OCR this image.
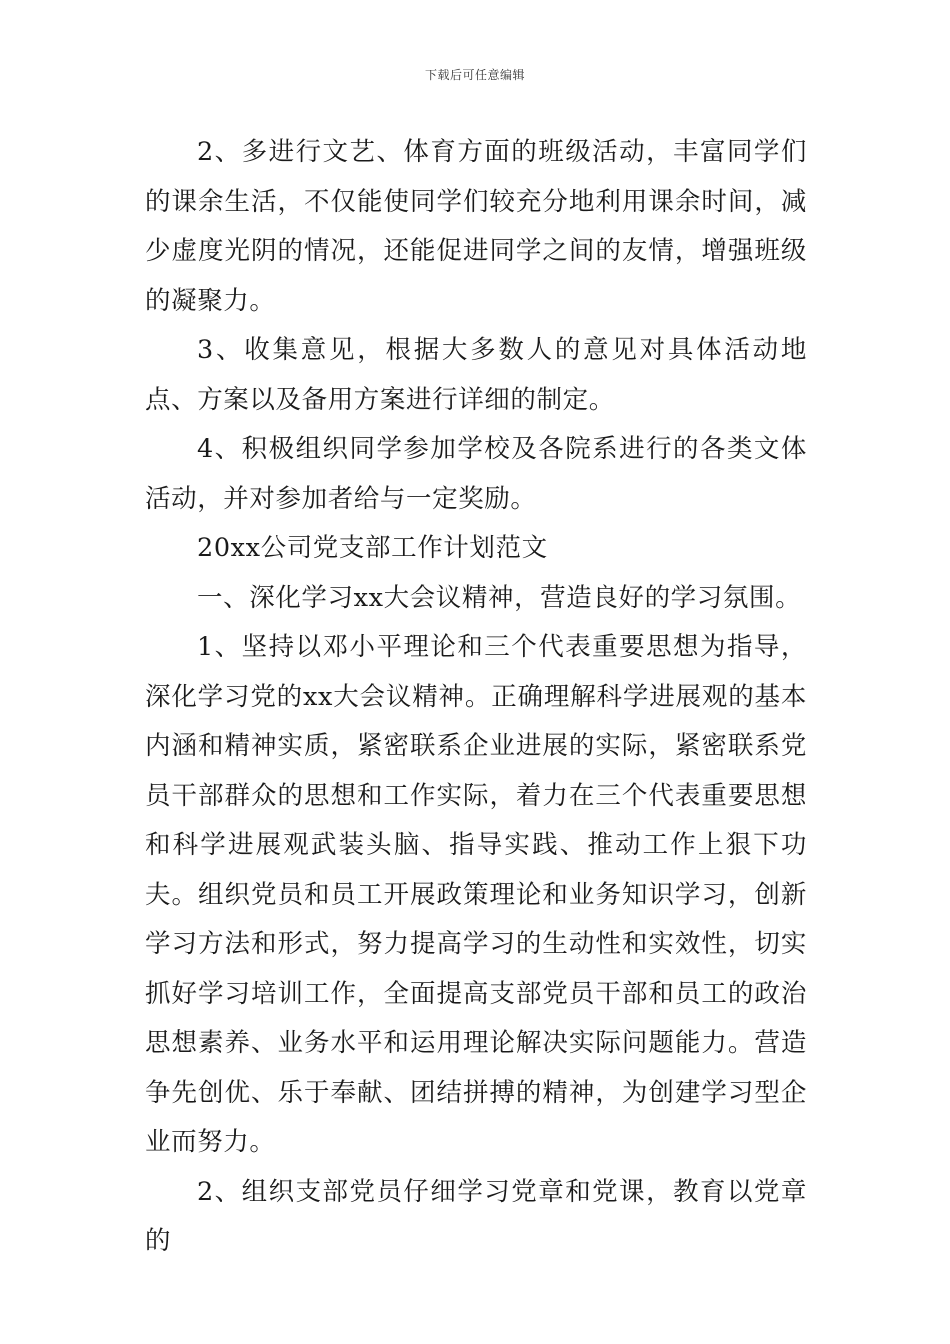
下载后可任意编辑

2、多进行文艺、体育方面的班级活动，丰富同学们的课余生活，不仅能使同学们较充分地利用课余时间，减少虚度光阴的情况，还能促进同学之间的友情，增强班级的凝聚力。

3、收集意见，根据大多数人的意见对具体活动地点、方案以及备用方案进行详细的制定。

4、积极组织同学参加学校及各院系进行的各类文体活动，并对参加者给与一定奖励。

20xx公司党支部工作计划范文

一、深化学习xx大会议精神，营造良好的学习氛围。

1、坚持以邓小平理论和三个代表重要思想为指导，深化学习党的xx大会议精神。正确理解科学进展观的基本内涵和精神实质，紧密联系企业进展的实际，紧密联系党员干部群众的思想和工作实际，着力在三个代表重要思想和科学进展观武装头脑、指导实践、推动工作上狠下功夫。组织党员和员工开展政策理论和业务知识学习，创新学习方法和形式，努力提高学习的生动性和实效性，切实抓好学习培训工作，全面提高支部党员干部和员工的政治思想素养、业务水平和运用理论解决实际问题能力。营造争先创优、乐于奉献、团结拼搏的精神，为创建学习型企业而努力。

2、组织支部党员仔细学习党章和党课，教育以党章的
